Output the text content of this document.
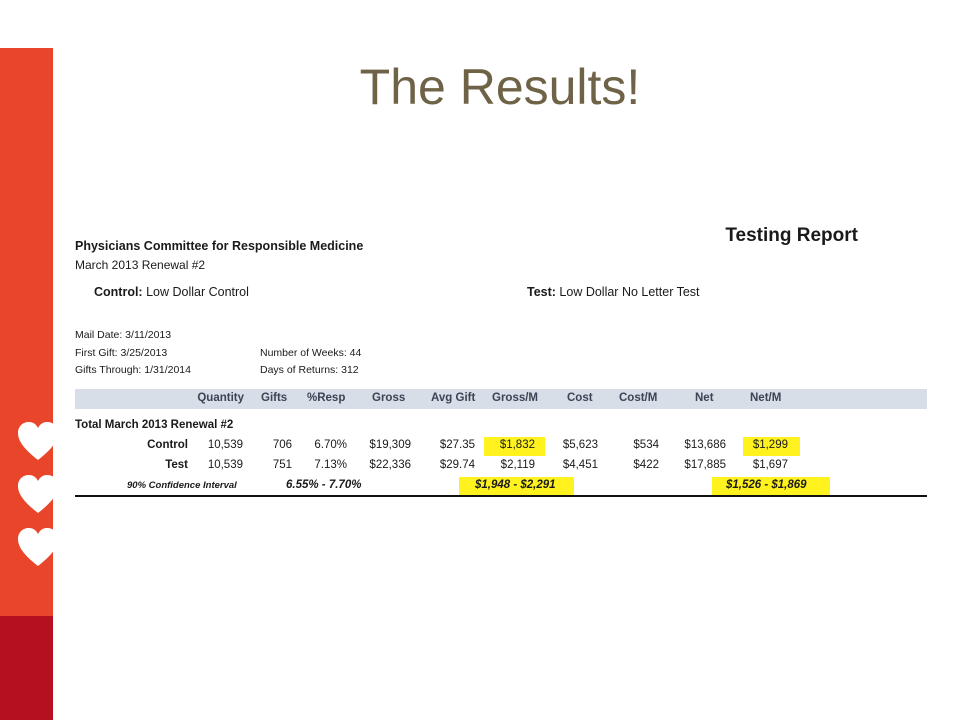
The Results!
Physicians Committee for Responsible Medicine
March 2013 Renewal #2
Testing Report
Control: Low Dollar Control	Test: Low Dollar No Letter Test
Mail Date: 3/11/2013
First Gift: 3/25/2013
Gifts Through: 1/31/2014
Number of Weeks: 44
Days of Returns: 312
Quantity Gifts %Resp Gross Avg Gift Gross/M	Cost Cost/M	Net	Net/M
Total March 2013 Renewal #2
Control	10,539	706	6.70%	$19,309	$27.35	$1,832	$5,623	$534	$13,686	$1,299
Test	10,539	751	7.13%	$22,336	$29.74	$2,119	$4,451	$422	$17,885	$1,697
90% Confidence Interval	6.55% - 7.70%	$1,948 - $2,291	$1,526 - $1,869
